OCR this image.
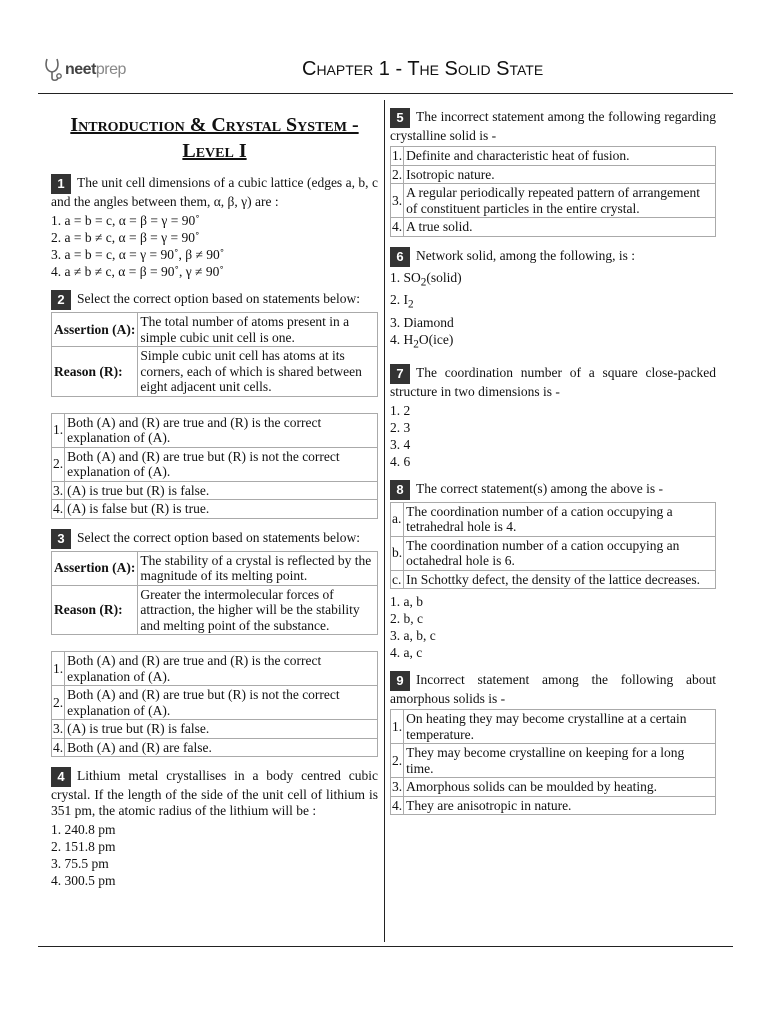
neetprep	Chapter 1 - The Solid State
Introduction & Crystal System - Level I
1 The unit cell dimensions of a cubic lattice (edges a, b, c and the angles between them, α, β, γ) are :
1. a = b = c, α = β = γ = 90˚
2. a = b ≠ c, α = β = γ = 90˚
3. a = b = c, α = γ = 90˚, β ≠ 90˚
4. a ≠ b ≠ c, α = β = 90˚, γ ≠ 90˚
2 Select the correct option based on statements below:
Assertion (A):	The total number of atoms present in a simple cubic unit cell is one.
Reason (R):	Simple cubic unit cell has atoms at its corners, each of which is shared between eight adjacent unit cells.
1.	Both (A) and (R) are true and (R) is the correct explanation of (A).
2.	Both (A) and (R) are true but (R) is not the correct explanation of (A).
3.	(A) is true but (R) is false.
4.	(A) is false but (R) is true.
3 Select the correct option based on statements below:
Assertion (A):	The stability of a crystal is reflected by the magnitude of its melting point.
Reason (R):	Greater the intermolecular forces of attraction, the higher will be the stability and melting point of the substance.
1.	Both (A) and (R) are true and (R) is the correct explanation of (A).
2.	Both (A) and (R) are true but (R) is not the correct explanation of (A).
3.	(A) is true but (R) is false.
4.	Both (A) and (R) are false.
4 Lithium metal crystallises in a body centred cubic crystal. If the length of the side of the unit cell of lithium is 351 pm, the atomic radius of the lithium will be :
1. 240.8 pm
2. 151.8 pm
3. 75.5 pm
4. 300.5 pm
5 The incorrect statement among the following regarding crystalline solid is -
1.	Definite and characteristic heat of fusion.
2.	Isotropic nature.
3.	A regular periodically repeated pattern of arrangement of constituent particles in the entire crystal.
4.	A true solid.
6 Network solid, among the following, is :
1. $SO_2(solid)$
2. $I_2$
3. Diamond
4. $H_2O(ice)$
7 The coordination number of a square close-packed structure in two dimensions is -
1. 2
2. 3
3. 4
4. 6
8 The correct statement(s) among the above is -
a.	The coordination number of a cation occupying a tetrahedral hole is 4.
b.	The coordination number of a cation occupying an octahedral hole is 6.
c.	In Schottky defect, the density of the lattice decreases.
1. a, b
2. b, c
3. a, b, c
4. a, c
9 Incorrect statement among the following about amorphous solids is -
1.	On heating they may become crystalline at a certain temperature.
2.	They may become crystalline on keeping for a long time.
3.	Amorphous solids can be moulded by heating.
4.	They are anisotropic in nature.
